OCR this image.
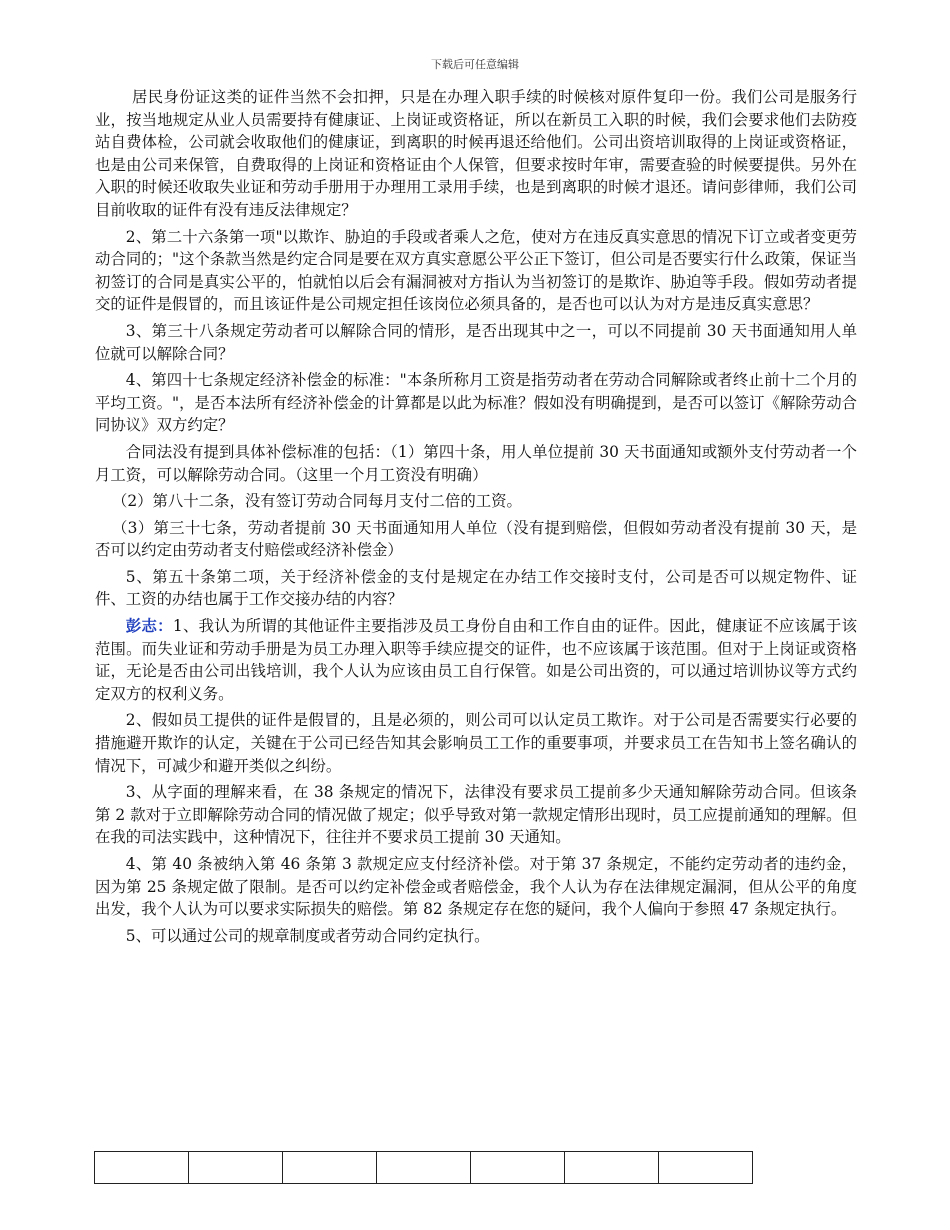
下载后可任意编辑

居民身份证这类的证件当然不会扣押，只是在办理入职手续的时候核对原件复印一份。我们公司是服务行业，按当地规定从业人员需要持有健康证、上岗证或资格证，所以在新员工入职的时候，我们会要求他们去防疫站自费体检，公司就会收取他们的健康证，到离职的时候再退还给他们。公司出资培训取得的上岗证或资格证，也是由公司来保管，自费取得的上岗证和资格证由个人保管，但要求按时年审，需要查验的时候要提供。另外在入职的时候还收取失业证和劳动手册用于办理用工录用手续，也是到离职的时候才退还。请问彭律师，我们公司目前收取的证件有没有违反法律规定？

2、第二十六条第一项"以欺诈、胁迫的手段或者乘人之危，使对方在违反真实意思的情况下订立或者变更劳动合同的；"这个条款当然是约定合同是要在双方真实意愿公平公正下签订，但公司是否要实行什么政策，保证当初签订的合同是真实公平的，怕就怕以后会有漏洞被对方指认为当初签订的是欺诈、胁迫等手段。假如劳动者提交的证件是假冒的，而且该证件是公司规定担任该岗位必须具备的，是否也可以认为对方是违反真实意思？

3、第三十八条规定劳动者可以解除合同的情形，是否出现其中之一，可以不同提前 30 天书面通知用人单位就可以解除合同？

4、第四十七条规定经济补偿金的标准："本条所称月工资是指劳动者在劳动合同解除或者终止前十二个月的平均工资。"，是否本法所有经济补偿金的计算都是以此为标准？假如没有明确提到，是否可以签订《解除劳动合同协议》双方约定？

合同法没有提到具体补偿标准的包括：（1）第四十条，用人单位提前 30 天书面通知或额外支付劳动者一个月工资，可以解除劳动合同。（这里一个月工资没有明确）

（2）第八十二条，没有签订劳动合同每月支付二倍的工资。

（3）第三十七条，劳动者提前 30 天书面通知用人单位（没有提到赔偿，但假如劳动者没有提前 30 天，是否可以约定由劳动者支付赔偿或经济补偿金）

5、第五十条第二项，关于经济补偿金的支付是规定在办结工作交接时支付，公司是否可以规定物件、证件、工资的办结也属于工作交接办结的内容？

彭志：1、我认为所谓的其他证件主要指涉及员工身份自由和工作自由的证件。因此，健康证不应该属于该范围。而失业证和劳动手册是为员工办理入职等手续应提交的证件，也不应该属于该范围。但对于上岗证或资格证，无论是否由公司出钱培训，我个人认为应该由员工自行保管。如是公司出资的，可以通过培训协议等方式约定双方的权利义务。

2、假如员工提供的证件是假冒的，且是必须的，则公司可以认定员工欺诈。对于公司是否需要实行必要的措施避开欺诈的认定，关键在于公司已经告知其会影响员工工作的重要事项，并要求员工在告知书上签名确认的情况下，可减少和避开类似之纠纷。

3、从字面的理解来看，在 38 条规定的情况下，法律没有要求员工提前多少天通知解除劳动合同。但该条第 2 款对于立即解除劳动合同的情况做了规定；似乎导致对第一款规定情形出现时，员工应提前通知的理解。但在我的司法实践中，这种情况下，往往并不要求员工提前 30 天通知。

4、第 40 条被纳入第 46 条第 3 款规定应支付经济补偿。对于第 37 条规定，不能约定劳动者的违约金，因为第 25 条规定做了限制。是否可以约定补偿金或者赔偿金，我个人认为存在法律规定漏洞，但从公平的角度出发，我个人认为可以要求实际损失的赔偿。第 82 条规定存在您的疑问，我个人偏向于参照 47 条规定执行。

5、可以通过公司的规章制度或者劳动合同约定执行。
